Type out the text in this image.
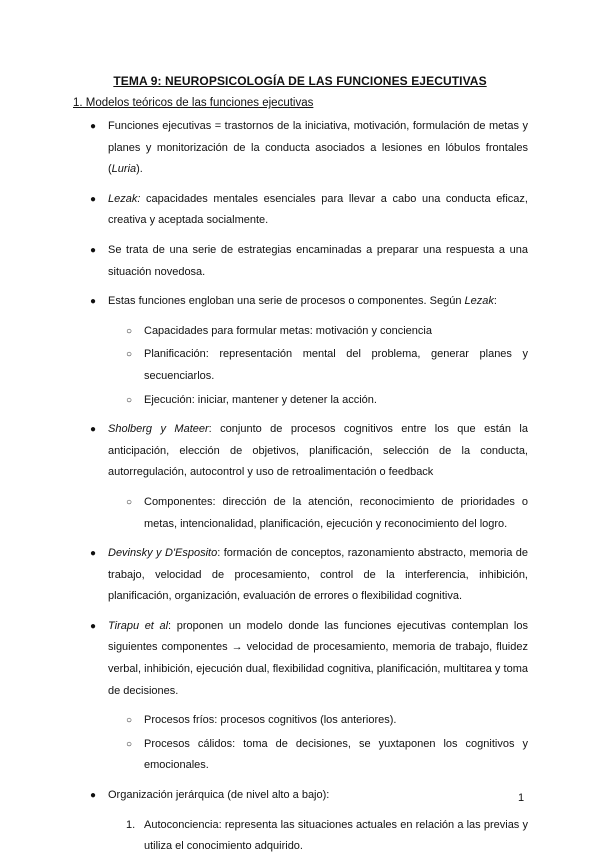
TEMA 9: NEUROPSICOLOGÍA DE LAS FUNCIONES EJECUTIVAS
1. Modelos teóricos de las funciones ejecutivas
● Funciones ejecutivas = trastornos de la iniciativa, motivación, formulación de metas y planes y monitorización de la conducta asociados a lesiones en lóbulos frontales (Luria).
● Lezak: capacidades mentales esenciales para llevar a cabo una conducta eficaz, creativa y aceptada socialmente.
● Se trata de una serie de estrategias encaminadas a preparar una respuesta a una situación novedosa.
● Estas funciones engloban una serie de procesos o componentes. Según Lezak:
○ Capacidades para formular metas: motivación y conciencia
○ Planificación: representación mental del problema, generar planes y secuenciarlos.
○ Ejecución: iniciar, mantener y detener la acción.
● Sholberg y Mateer: conjunto de procesos cognitivos entre los que están la anticipación, elección de objetivos, planificación, selección de la conducta, autorregulación, autocontrol y uso de retroalimentación o feedback
○ Componentes: dirección de la atención, reconocimiento de prioridades o metas, intencionalidad, planificación, ejecución y reconocimiento del logro.
● Devinsky y D'Esposito: formación de conceptos, razonamiento abstracto, memoria de trabajo, velocidad de procesamiento, control de la interferencia, inhibición, planificación, organización, evaluación de errores o flexibilidad cognitiva.
● Tirapu et al: proponen un modelo donde las funciones ejecutivas contemplan los siguientes componentes → velocidad de procesamiento, memoria de trabajo, fluidez verbal, inhibición, ejecución dual, flexibilidad cognitiva, planificación, multitarea y toma de decisiones.
○ Procesos fríos: procesos cognitivos (los anteriores).
○ Procesos cálidos: toma de decisiones, se yuxtaponen los cognitivos y emocionales.
● Organización jerárquica (de nivel alto a bajo):
1. Autoconciencia: representa las situaciones actuales en relación a las previas y utiliza el conocimiento adquirido.
1
